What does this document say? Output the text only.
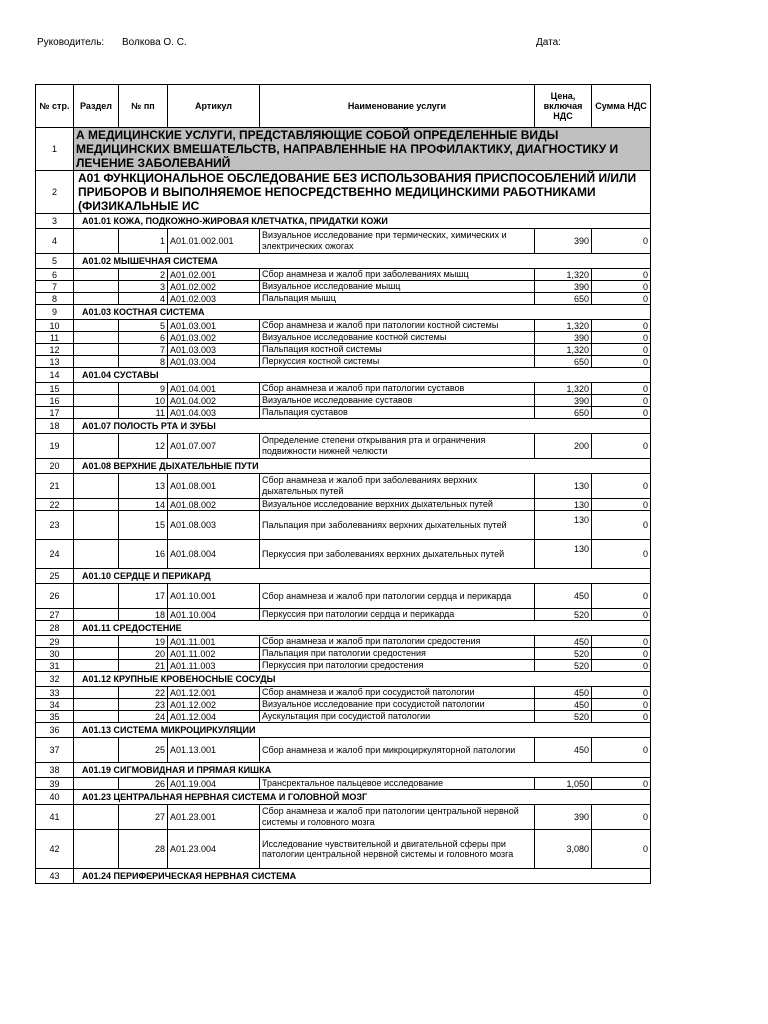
Руководитель: Волкова О. С.	Дата:
№ стр.	Раздел	№ пп	Артикул	Наименование услуги	Цена, включая НДС	Сумма НДС
1	А МЕДИЦИНСКИЕ УСЛУГИ, ПРЕДСТАВЛЯЮЩИЕ СОБОЙ ОПРЕДЕЛЕННЫЕ ВИДЫ МЕДИЦИНСКИХ ВМЕШАТЕЛЬСТВ, НАПРАВЛЕННЫЕ НА ПРОФИЛАКТИКУ, ДИАГНОСТИКУ И ЛЕЧЕНИЕ ЗАБОЛЕВАНИЙ					
2	А01 ФУНКЦИОНАЛЬНОЕ ОБСЛЕДОВАНИЕ БЕЗ ИСПОЛЬЗОВАНИЯ ПРИСПОСОБЛЕНИЙ И/ИЛИ ПРИБОРОВ И ВЫПОЛНЯЕМОЕ НЕПОСРЕДСТВЕННО МЕДИЦИНСКИМИ РАБОТНИКАМИ (ФИЗИКАЛЬНЫЕ ИС					
3	A01.01 КОЖА, ПОДКОЖНО-ЖИРОВАЯ КЛЕТЧАТКА, ПРИДАТКИ КОЖИ					
4		1	A01.01.002.001	Визуальное исследование при термических, химических и электрических ожогах	390	0
5	A01.02 МЫШЕЧНАЯ СИСТЕМА					
6		2	A01.02.001	Сбор анамнеза и жалоб при заболеваниях мышц	1,320	0
7		3	A01.02.002	Визуальное исследование мышц	390	0
8		4	A01.02.003	Пальпация мышц	650	0
9	A01.03 КОСТНАЯ СИСТЕМА					
10		5	A01.03.001	Сбор анамнеза и жалоб при патологии костной системы	1,320	0
11		6	A01.03.002	Визуальное исследование костной системы	390	0
12		7	A01.03.003	Пальпация костной системы	1,320	0
13		8	A01.03.004	Перкуссия костной системы	650	0
14	A01.04 СУСТАВЫ					
15		9	A01.04.001	Сбор анамнеза и жалоб при патологии суставов	1,320	0
16		10	A01.04.002	Визуальное исследование суставов	390	0
17		11	A01.04.003	Пальпация суставов	650	0
18	A01.07 ПОЛОСТЬ РТА И ЗУБЫ					
19		12	A01.07.007	Определение степени открывания рта и ограничения подвижности нижней челюсти	200	0
20	A01.08 ВЕРХНИЕ ДЫХАТЕЛЬНЫЕ ПУТИ					
21		13	A01.08.001	Сбор анамнеза и жалоб при заболеваниях верхних дыхательных путей	130	0
22		14	A01.08.002	Визуальное исследование верхних дыхательных путей	130	0
23		15	A01.08.003	Пальпация при заболеваниях верхних дыхательных путей	130	0
24		16	A01.08.004	Перкуссия при заболеваниях верхних дыхательных путей	130	0
25	A01.10 СЕРДЦЕ И ПЕРИКАРД					
26		17	A01.10.001	Сбор анамнеза и жалоб при патологии сердца и перикарда	450	0
27		18	A01.10.004	Перкуссия при патологии сердца и перикарда	520	0
28	A01.11 СРЕДОСТЕНИЕ					
29		19	A01.11.001	Сбор анамнеза и жалоб при патологии средостения	450	0
30		20	A01.11.002	Пальпация при патологии средостения	520	0
31		21	A01.11.003	Перкуссия при патологии средостения	520	0
32	A01.12 КРУПНЫЕ КРОВЕНОСНЫЕ СОСУДЫ					
33		22	A01.12.001	Сбор анамнеза и жалоб при сосудистой патологии	450	0
34		23	A01.12.002	Визуальное исследование при сосудистой патологии	450	0
35		24	A01.12.004	Аускультация при сосудистой патологии	520	0
36	A01.13 СИСТЕМА МИКРОЦИРКУЛЯЦИИ					
37		25	A01.13.001	Сбор анамнеза и жалоб при микроциркуляторной патологии	450	0
38	A01.19 СИГМОВИДНАЯ И ПРЯМАЯ КИШКА					
39		26	A01.19.004	Трансректальное пальцевое исследование	1,050	0
40	A01.23 ЦЕНТРАЛЬНАЯ НЕРВНАЯ СИСТЕМА И ГОЛОВНОЙ МОЗГ					
41		27	A01.23.001	Сбор анамнеза и жалоб при патологии центральной нервной системы и головного мозга	390	0
42		28	A01.23.004	Исследование чувствительной и двигательной сферы при патологии центральной нервной системы и головного мозга	3,080	0
43	A01.24 ПЕРИФЕРИЧЕСКАЯ НЕРВНАЯ СИСТЕМА					
